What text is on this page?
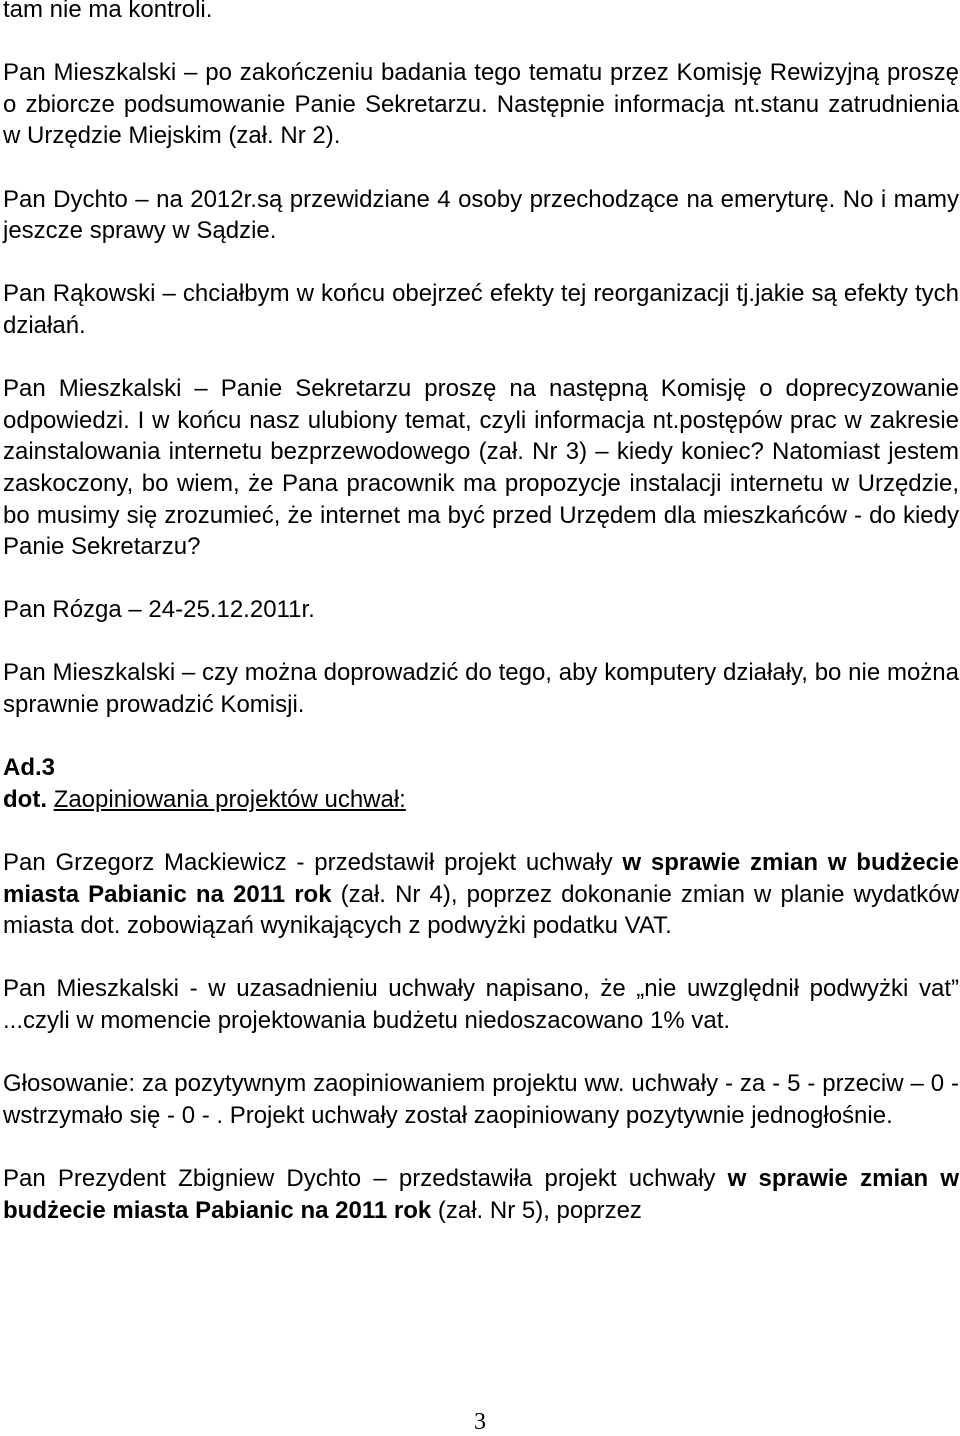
tam nie ma kontroli.

Pan Mieszkalski – po zakończeniu badania tego tematu przez Komisję Rewizyjną proszę o zbiorcze podsumowanie Panie Sekretarzu. Następnie informacja nt.stanu zatrudnienia w Urzędzie Miejskim (zał. Nr 2).

Pan Dychto – na 2012r.są przewidziane 4 osoby przechodzące na emeryturę. No i mamy jeszcze sprawy w Sądzie.

Pan Rąkowski – chciałbym w końcu obejrzeć efekty tej reorganizacji tj.jakie są efekty tych działań.

Pan Mieszkalski – Panie Sekretarzu proszę na następną Komisję o doprecyzowanie odpowiedzi. I w końcu nasz ulubiony temat, czyli informacja nt.postępów prac w zakresie zainstalowania internetu bezprzewodowego (zał. Nr 3) – kiedy koniec? Natomiast jestem zaskoczony, bo wiem, że Pana pracownik ma propozycje instalacji internetu w Urzędzie, bo musimy się zrozumieć, że internet ma być przed Urzędem dla mieszkańców - do kiedy Panie Sekretarzu?

Pan Rózga – 24-25.12.2011r.

Pan Mieszkalski – czy można doprowadzić do tego, aby komputery działały, bo nie można sprawnie prowadzić Komisji.

Ad.3

dot. Zaopiniowania projektów uchwał:

Pan Grzegorz Mackiewicz - przedstawił projekt uchwały w sprawie zmian w budżecie miasta Pabianic na 2011 rok (zał. Nr 4), poprzez dokonanie zmian w planie wydatków miasta dot. zobowiązań wynikających z podwyżki podatku VAT.

Pan Mieszkalski - w uzasadnieniu uchwały napisano, że „nie uwzględnił podwyżki vat” ...czyli w momencie projektowania budżetu niedoszacowano 1% vat.

Głosowanie: za pozytywnym zaopiniowaniem projektu ww. uchwały - za - 5 - przeciw – 0 - wstrzymało się - 0 - . Projekt uchwały został zaopiniowany pozytywnie jednogłośnie.

Pan Prezydent Zbigniew Dychto – przedstawiła projekt uchwały w sprawie zmian w budżecie miasta Pabianic na 2011 rok (zał. Nr 5), poprzez

3
